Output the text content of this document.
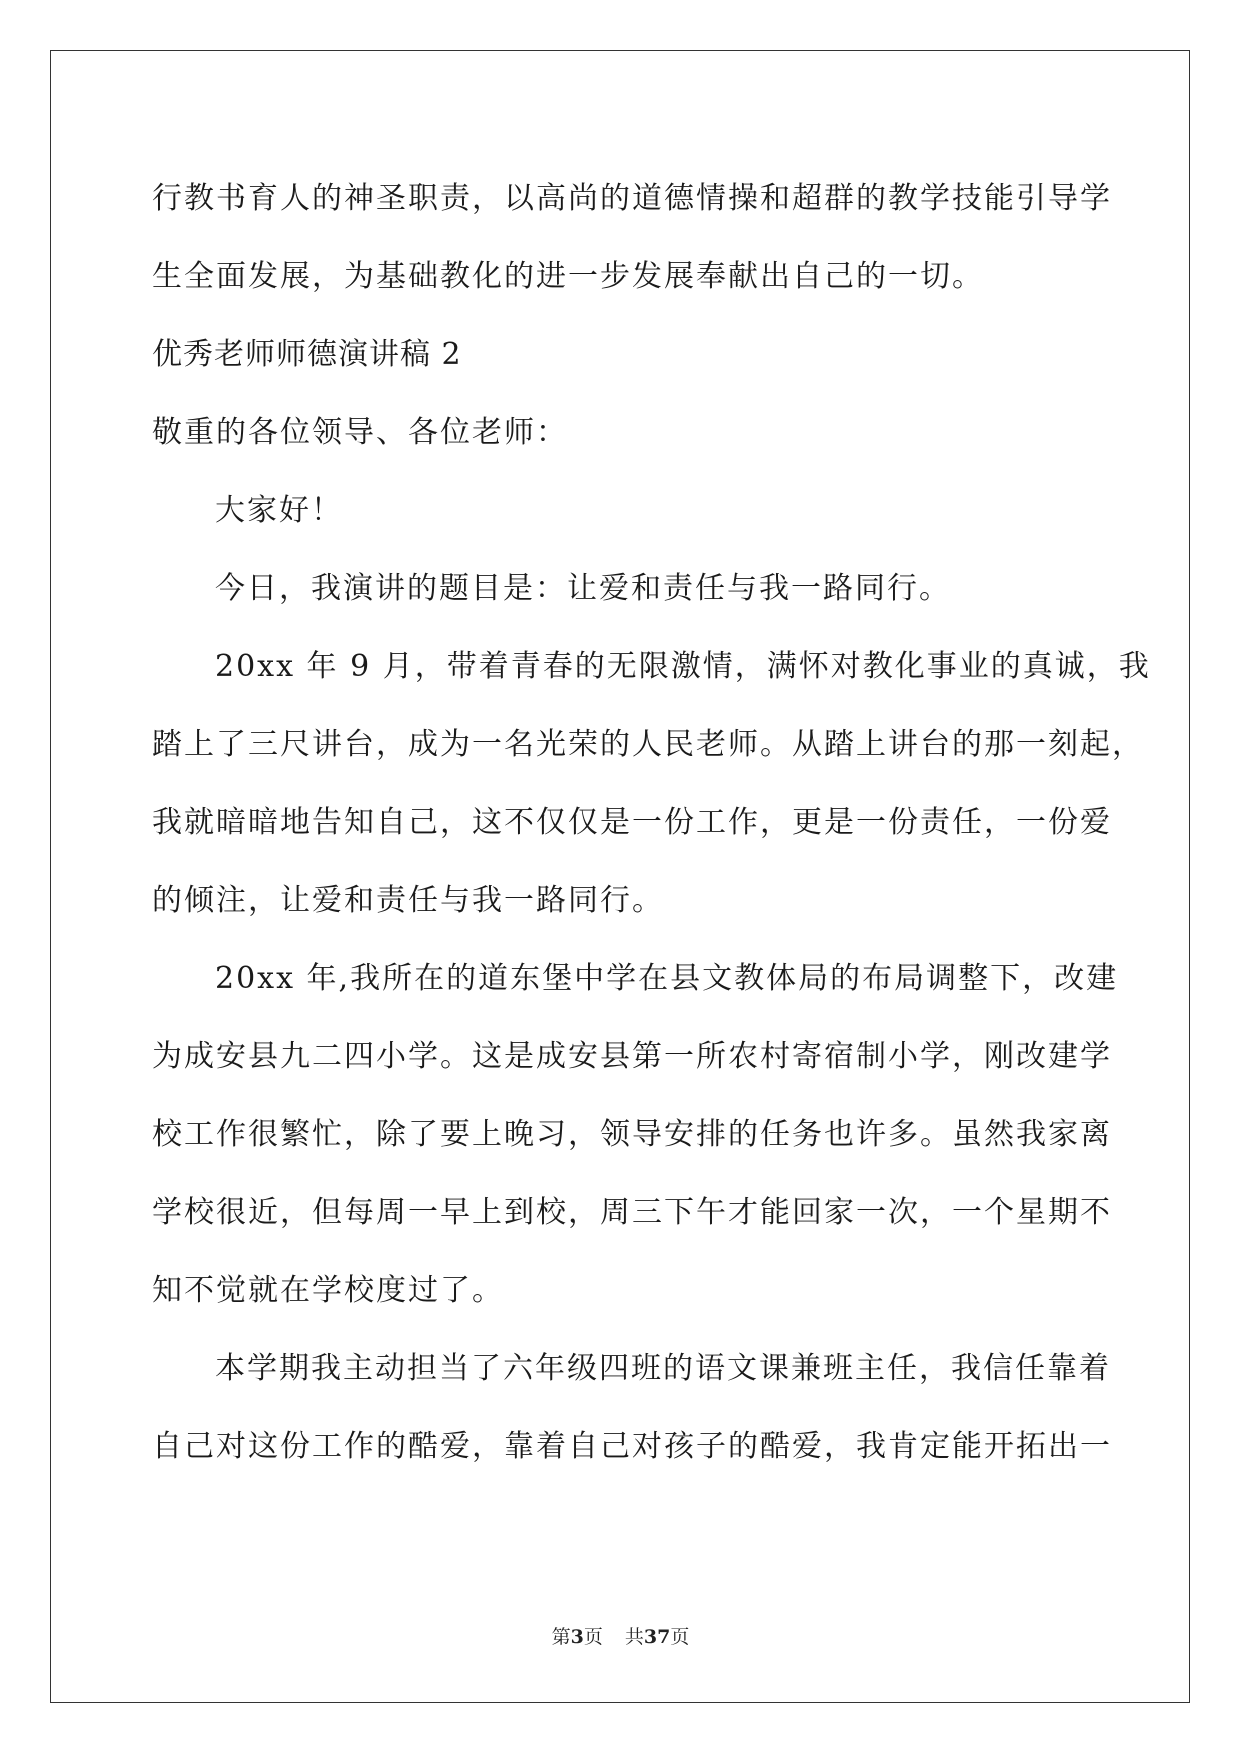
行教书育人的神圣职责，以高尚的道德情操和超群的教学技能引导学
生全面发展，为基础教化的进一步发展奉献出自己的一切。
优秀老师师德演讲稿 2
敬重的各位领导、各位老师：
大家好！
今日，我演讲的题目是：让爱和责任与我一路同行。
20xx 年 9 月，带着青春的无限激情，满怀对教化事业的真诚，我
踏上了三尺讲台，成为一名光荣的人民老师。从踏上讲台的那一刻起，
我就暗暗地告知自己，这不仅仅是一份工作，更是一份责任，一份爱
的倾注，让爱和责任与我一路同行。
20xx 年,我所在的道东堡中学在县文教体局的布局调整下，改建
为成安县九二四小学。这是成安县第一所农村寄宿制小学，刚改建学
校工作很繁忙，除了要上晚习，领导安排的任务也许多。虽然我家离
学校很近，但每周一早上到校，周三下午才能回家一次，一个星期不
知不觉就在学校度过了。
本学期我主动担当了六年级四班的语文课兼班主任，我信任靠着
自己对这份工作的酷爱，靠着自己对孩子的酷爱，我肯定能开拓出一
第3页 共37页
